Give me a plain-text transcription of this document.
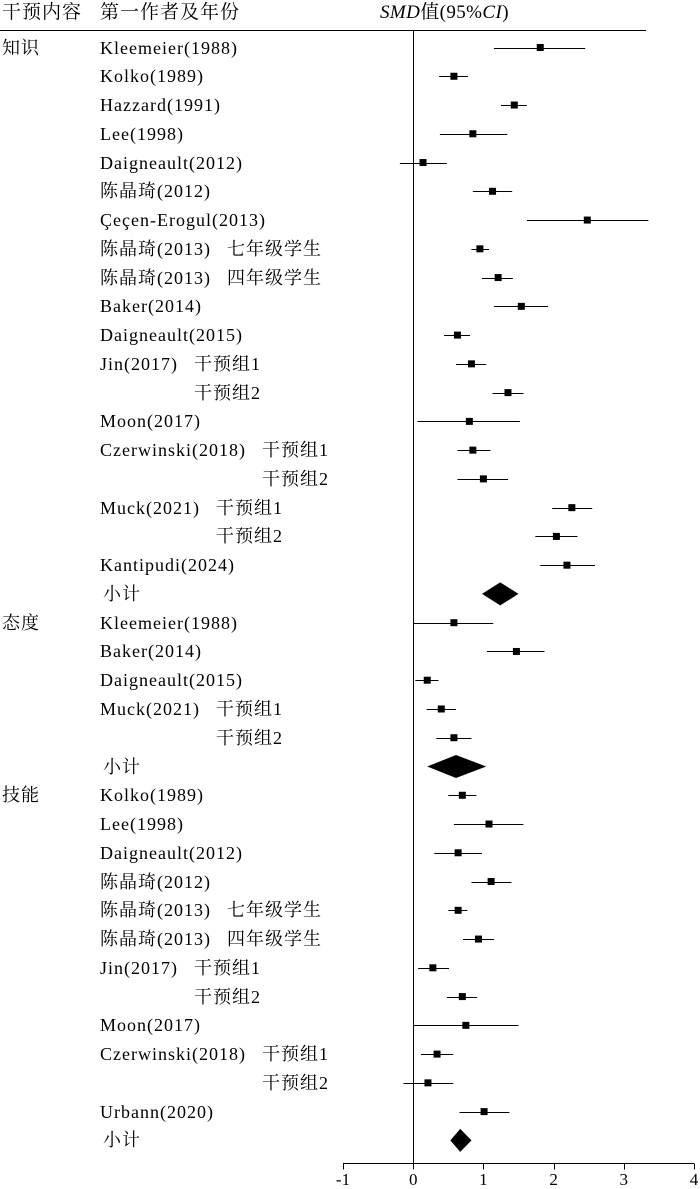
干预内容 第一作者及年份	SMD值(95%CI)
-1	0	1	2	3	4
知识	Kleemeier(1988)
Kolko(1989)
Hazzard(1991)
Lee(1998)
Daigneault(2012)
陈晶琦(2012)
Çeçen-Erogul(2013)
陈晶琦(2013) 七年级学生
陈晶琦(2013) 四年级学生
Baker(2014)
Daigneault(2015)
Jin(2017) 干预组1
干预组2
Moon(2017)
Czerwinski(2018) 干预组1
干预组2
Muck(2021) 干预组1
干预组2
Kantipudi(2024)
小计
态度	Kleemeier(1988)
Baker(2014)
Daigneault(2015)
Muck(2021) 干预组1
干预组2
小计
技能	Kolko(1989)
Lee(1998)
Daigneault(2012)
陈晶琦(2012)
陈晶琦(2013) 七年级学生
陈晶琦(2013) 四年级学生
Jin(2017) 干预组1
干预组2
Moon(2017)
Czerwinski(2018) 干预组1
干预组2
Urbann(2020)
小计
